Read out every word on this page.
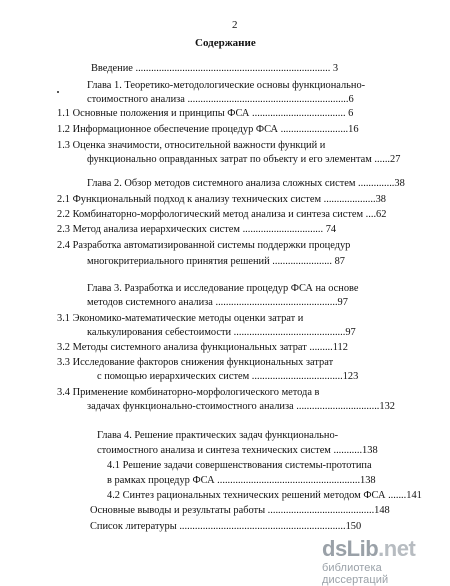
2
Содержание
Введение ........................................................................... 3
Глава 1. Теоретико-методологические основы функционально-
стоимостного анализа ..............................................................6
1.1 Основные положения и принципы ФСА .................................... 6
1.2 Информационное обеспечение процедур ФСА ..........................16
1.3 Оценка значимости, относительной важности функций и
функционально оправданных затрат по объекту и его элементам ......27
Глава 2. Обзор методов системного анализа сложных систем ..............38
2.1 Функциональный подход к анализу технических систем ....................38
2.2 Комбинаторно-морфологический метод анализа и синтеза систем ....62
2.3 Метод анализа иерархических систем ............................... 74
2.4 Разработка автоматизированной системы поддержки процедур
многокритериального принятия решений ....................... 87
Глава 3. Разработка и исследование процедур ФСА на основе
методов системного анализа ...............................................97
3.1 Экономико-математические методы оценки затрат и
калькулирования себестоимости ...........................................97
3.2 Методы системного анализа функциональных затрат .........112
3.3 Исследование факторов снижения функциональных затрат
с помощью иерархических систем ...................................123
3.4 Применение комбинаторно-морфологического метода в
задачах функционально-стоимостного анализа ................................132
Глава 4. Решение практических задач функционально-
стоимостного анализа и синтеза технических систем ...........138
4.1 Решение задачи совершенствования системы-прототипа
в рамках процедур ФСА .......................................................138
4.2 Синтез рациональных технических решений методом ФСА .......141
Основные выводы и результаты работы .........................................148
Список литературы ................................................................150
dsLib.net
библиотека диссертаций
